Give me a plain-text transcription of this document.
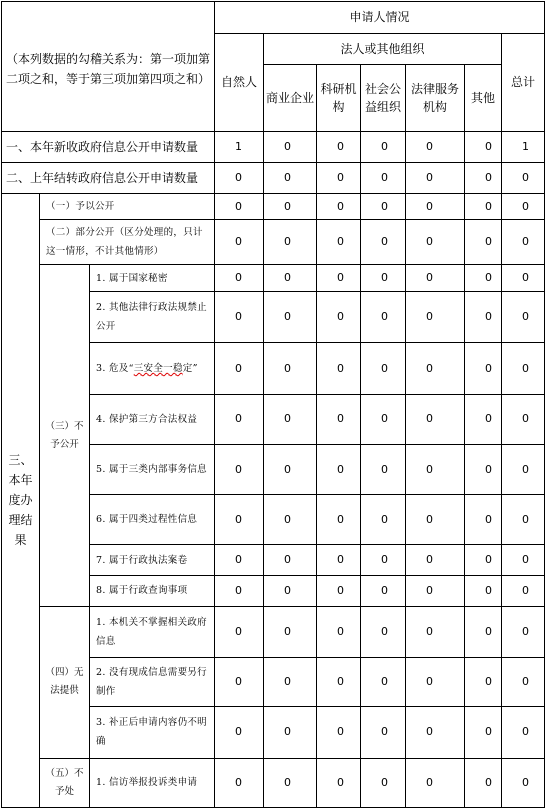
（本列数据的勾稽关系为：第一项加第二项之和，等于第三项加第四项之和）			申请人情况						
			自然人	法人或其他组织					总计
				商业企业	科研机构	社会公益组织	法律服务机构	其他	
一、本年新收政府信息公开申请数量			1	0	0	0	0	0	1
二、上年结转政府信息公开申请数量			0	0	0	0	0	0	0
三、本年度办理结果	（一）予以公开		0	0	0	0	0	0	0
	（二）部分公开（区分处理的，只计这一情形，不计其他情形）		0	0	0	0	0	0	0
	（三）不予公开	1. 属于国家秘密	0	0	0	0	0	0	0
		2. 其他法律行政法规禁止公开	0	0	0	0	0	0	0
		3. 危及“三安全一稳定”	0	0	0	0	0	0	0
		4. 保护第三方合法权益	0	0	0	0	0	0	0
		5. 属于三类内部事务信息	0	0	0	0	0	0	0
		6. 属于四类过程性信息	0	0	0	0	0	0	0
		7. 属于行政执法案卷	0	0	0	0	0	0	0
		8. 属于行政查询事项	0	0	0	0	0	0	0
	（四）无法提供	1. 本机关不掌握相关政府信息	0	0	0	0	0	0	0
		2. 没有现成信息需要另行制作	0	0	0	0	0	0	0
		3. 补正后申请内容仍不明确	0	0	0	0	0	0	0
	（五）不予处	1. 信访举报投诉类申请	0	0	0	0	0	0	0
